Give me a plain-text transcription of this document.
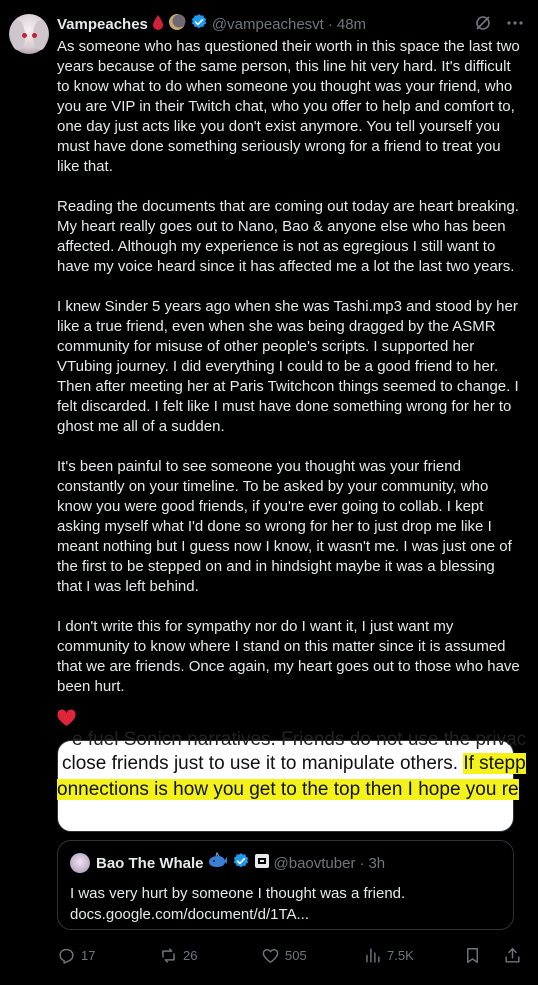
Vampeaches	@vampeachesvt · 48m
As someone who has questioned their worth in this space the last two years because of the same person, this line hit very hard. It's difficult to know what to do when someone you thought was your friend, who you are VIP in their Twitch chat, who you offer to help and comfort to, one day just acts like you don't exist anymore. You tell yourself you must have done something seriously wrong for a friend to treat you like that.

Reading the documents that are coming out today are heart breaking. My heart really goes out to Nano, Bao & anyone else who has been affected. Although my experience is not as egregious I still want to have my voice heard since it has affected me a lot the last two years.

I knew Sinder 5 years ago when she was Tashi.mp3 and stood by her like a true friend, even when she was being dragged by the ASMR community for misuse of other people's scripts. I supported her VTubing journey. I did everything I could to be a good friend to her. Then after meeting her at Paris Twitchcon things seemed to change. I felt discarded. I felt like I must have done something wrong for her to ghost me all of a sudden.

It's been painful to see someone you thought was your friend constantly on your timeline. To be asked by your community, who know you were good friends, if you're ever going to collab. I kept asking myself what I'd done so wrong for her to just drop me like I meant nothing but I guess now I know, it wasn't me. I was just one of the first to be stepped on and in hindsight maybe it was a blessing that I was left behind.

I don't write this for sympathy nor do I want it, I just want my community to know where I stand on this matter since it is assumed that we are friends. Once again, my heart goes out to those who have been hurt.
e fuel Sonicn narratives. Friends do not use the privac
close friends just to use it to manipulate others. If stepp
onnections is how you get to the top then I hope you re
Bao The Whale	@baovtuber · 3h
I was very hurt by someone I thought was a friend.
docs.google.com/document/d/1TA...
17	26	505	7.5K
